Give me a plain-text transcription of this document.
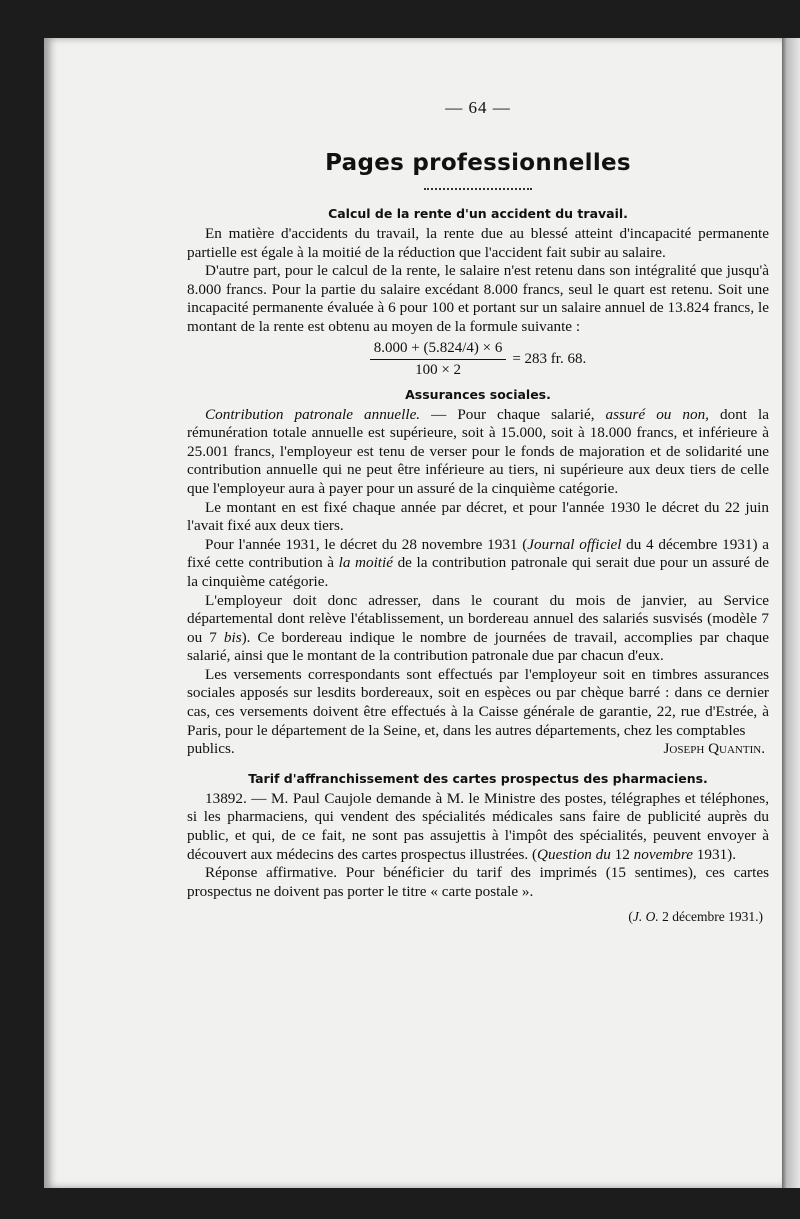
— 64 —
Pages professionnelles
Calcul de la rente d'un accident du travail.

En matière d'accidents du travail, la rente due au blessé atteint d'incapacité permanente partielle est égale à la moitié de la réduction que l'accident fait subir au salaire.

D'autre part, pour le calcul de la rente, le salaire n'est retenu dans son intégralité que jusqu'à 8.000 francs. Pour la partie du salaire excédant 8.000 francs, seul le quart est retenu. Soit une incapacité permanente évaluée à 6 pour 100 et portant sur un salaire annuel de 13.824 francs, le montant de la rente est obtenu au moyen de la formule suivante :

$\frac{8.000 + (5.824/4) \times 6}{100 \times 2} = 283$ fr. 68.
Assurances sociales.

Contribution patronale annuelle. — Pour chaque salarié, assuré ou non, dont la rémunération totale annuelle est supérieure, soit à 15.000, soit à 18.000 francs, et inférieure à 25.001 francs, l'employeur est tenu de verser pour le fonds de majoration et de solidarité une contribution annuelle qui ne peut être inférieure au tiers, ni supérieure aux deux tiers de celle que l'employeur aura à payer pour un assuré de la cinquième catégorie.

Le montant en est fixé chaque année par décret, et pour l'année 1930 le décret du 22 juin l'avait fixé aux deux tiers.

Pour l'année 1931, le décret du 28 novembre 1931 (Journal officiel du 4 décembre 1931) a fixé cette contribution à la moitié de la contribution patronale qui serait due pour un assuré de la cinquième catégorie.

L'employeur doit donc adresser, dans le courant du mois de janvier, au Service départemental dont relève l'établissement, un bordereau annuel des salariés susvisés (modèle 7 ou 7 bis). Ce bordereau indique le nombre de journées de travail, accomplies par chaque salarié, ainsi que le montant de la contribution patronale due par chacun d'eux.

Les versements correspondants sont effectués par l'employeur soit en timbres assurances sociales apposés sur lesdits bordereaux, soit en espèces ou par chèque barré : dans ce dernier cas, ces versements doivent être effectués à la Caisse générale de garantie, 22, rue d'Estrée, à Paris, pour le département de la Seine, et, dans les autres départements, chez les comptables

publics.	Joseph Quantin.
Tarif d'affranchissement des cartes prospectus des pharmaciens.

13892. — M. Paul Caujole demande à M. le Ministre des postes, télégraphes et téléphones, si les pharmaciens, qui vendent des spécialités médicales sans faire de publicité auprès du public, et qui, de ce fait, ne sont pas assujettis à l'impôt des spécialités, peuvent envoyer à découvert aux médecins des cartes prospectus illustrées. (Question du 12 novembre 1931).

Réponse affirmative. Pour bénéficier du tarif des imprimés (15 sentimes), ces cartes prospectus ne doivent pas porter le titre « carte postale ».

(J. O. 2 décembre 1931.)
